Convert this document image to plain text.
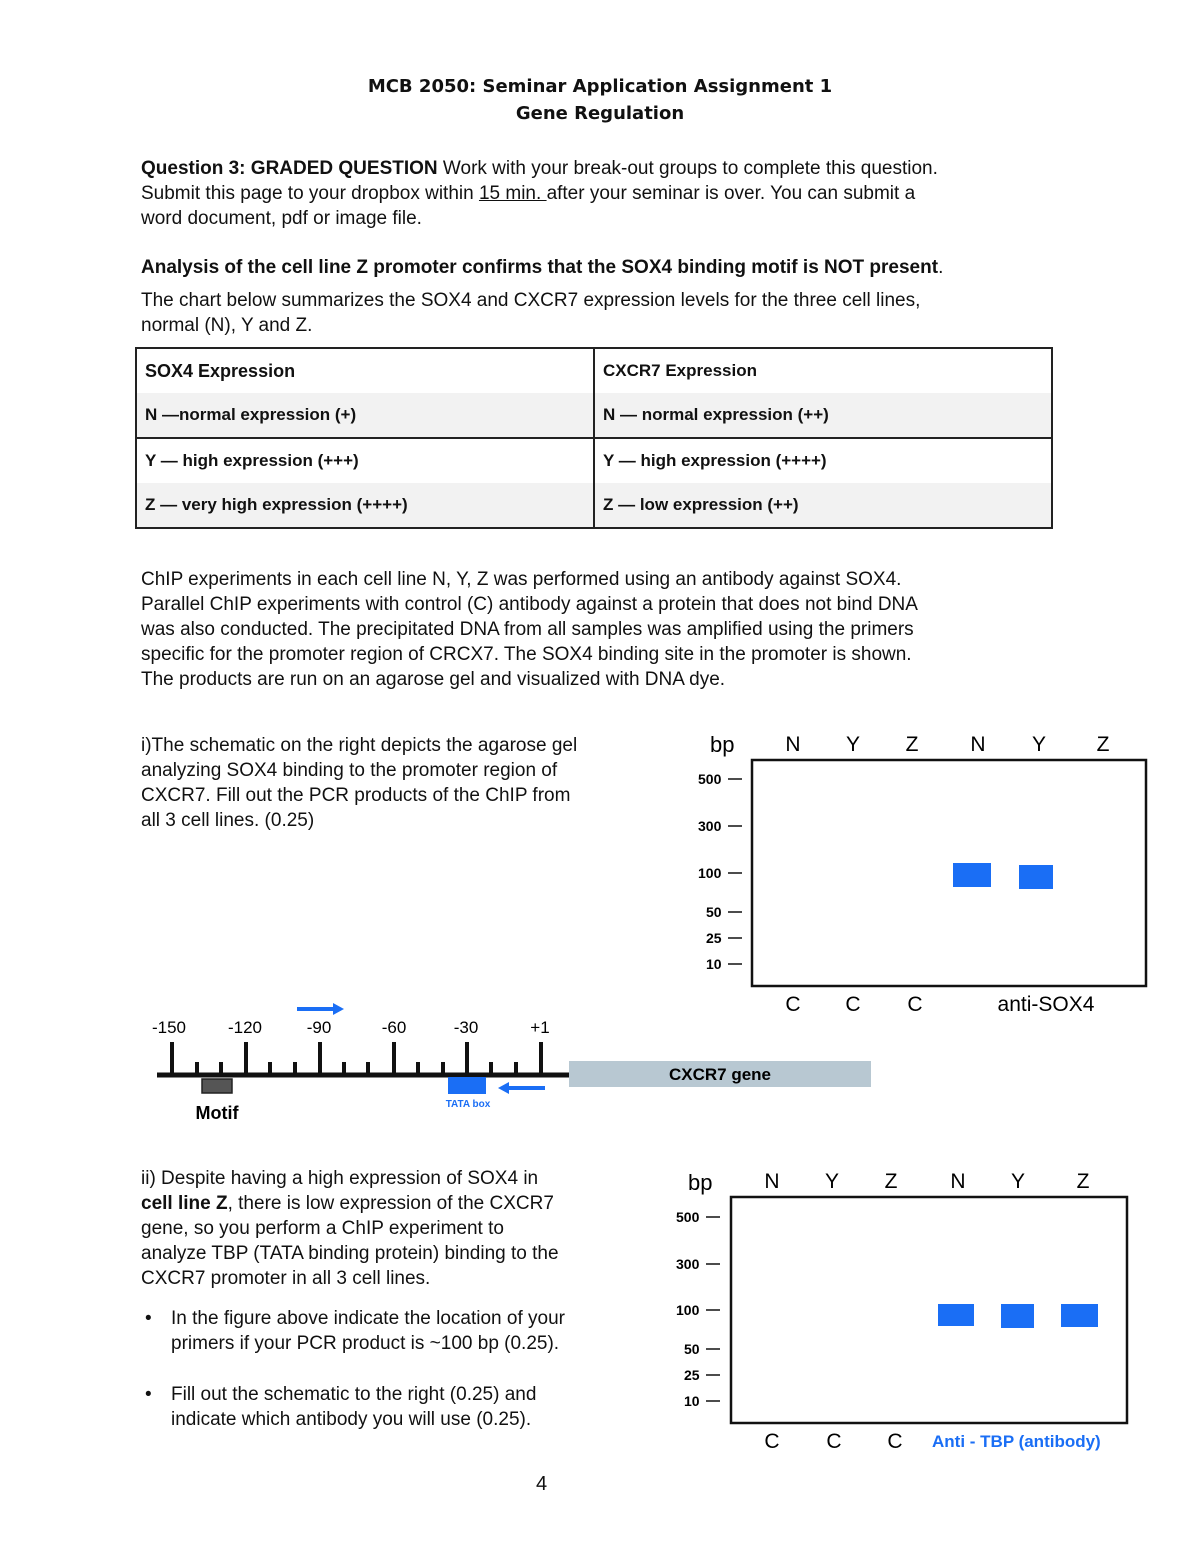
MCB 2050: Seminar Application Assignment 1
Gene Regulation
Question 3: GRADED QUESTION Work with your break-out groups to complete this question.
Submit this page to your dropbox within 15 min. after your seminar is over. You can submit a
word document, pdf or image file.
Analysis of the cell line Z promoter confirms that the SOX4 binding motif is NOT present.
The chart below summarizes the SOX4 and CXCR7 expression levels for the three cell lines,
normal (N), Y and Z.
SOX4 Expression	CXCR7 Expression
N —normal expression (+)	N — normal expression (++)
Y — high expression (+++)	Y — high expression (++++)
Z — very high expression (++++)	Z — low expression (++)
ChIP experiments in each cell line N, Y, Z was performed using an antibody against SOX4.
Parallel ChIP experiments with control (C) antibody against a protein that does not bind DNA
was also conducted. The precipitated DNA from all samples was amplified using the primers
specific for the promoter region of CRCX7. The SOX4 binding site in the promoter is shown.
The products are run on an agarose gel and visualized with DNA dye.
i)The schematic on the right depicts the agarose gel
analyzing SOX4 binding to the promoter region of
CXCR7. Fill out the PCR products of the ChIP from
all 3 cell lines. (0.25)
bp N Y Z N Y Z
500
300
100
50
25
10
C C C	anti-SOX4
-150 -120	-90	-60	-30	+1
CXCR7 gene
Motif	TATA box
ii) Despite having a high expression of SOX4 in
cell line Z, there is low expression of the CXCR7
gene, so you perform a ChIP experiment to
analyze TBP (TATA binding protein) binding to the
CXCR7 promoter in all 3 cell lines.
• In the figure above indicate the location of your
primers if your PCR product is ~100 bp (0.25).
• Fill out the schematic to the right (0.25) and
indicate which antibody you will use (0.25).
bp N Y Z	N Y Z
500
300
100
50
25
10
C C C Anti - TBP (antibody)
4
